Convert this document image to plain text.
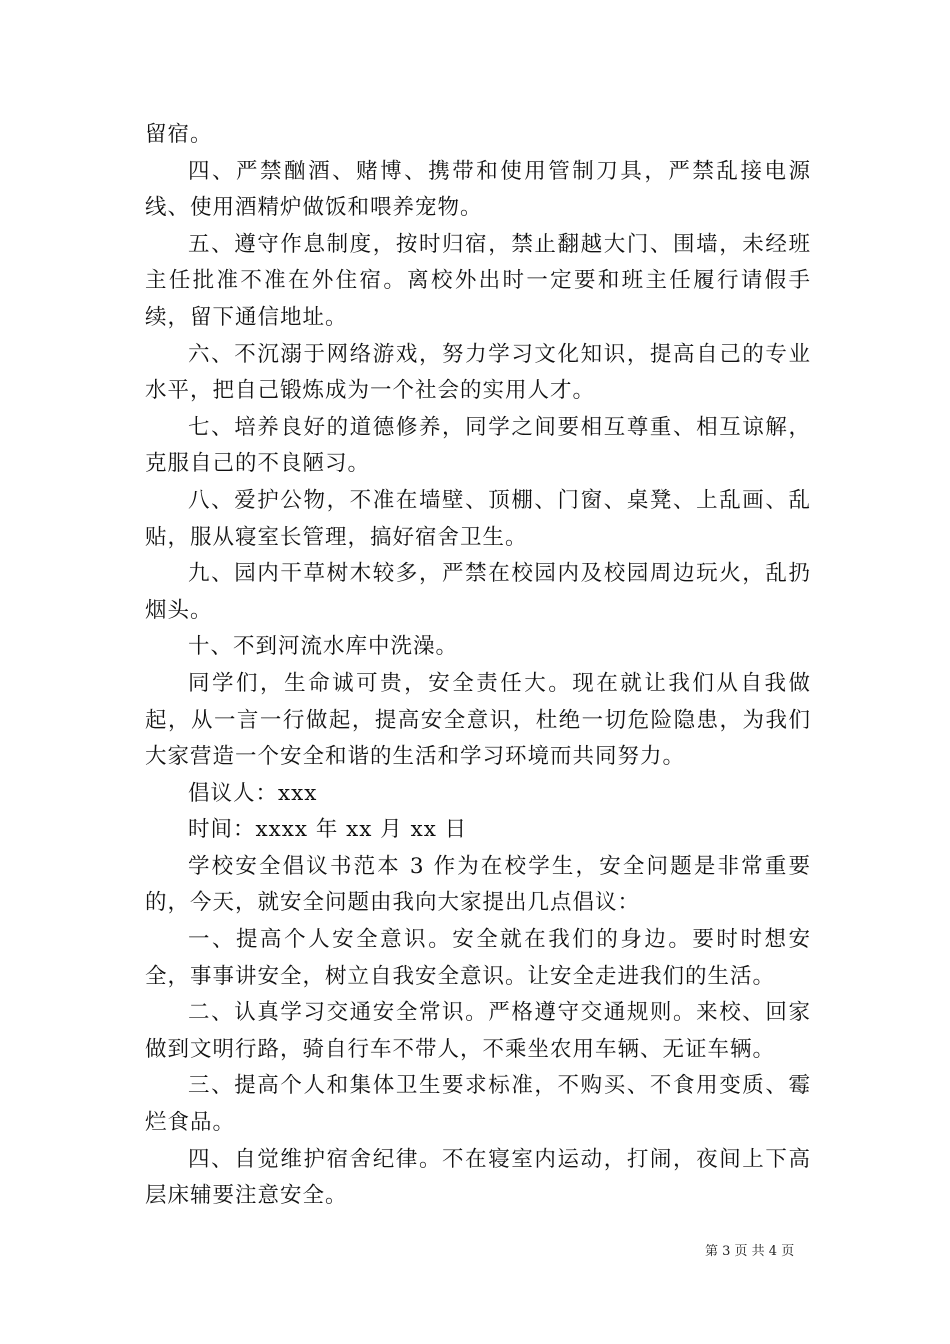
留宿。

四、严禁酗酒、赌博、携带和使用管制刀具，严禁乱接电源线、使用酒精炉做饭和喂养宠物。

五、遵守作息制度，按时归宿，禁止翻越大门、围墙，未经班主任批准不准在外住宿。离校外出时一定要和班主任履行请假手续，留下通信地址。

六、不沉溺于网络游戏，努力学习文化知识，提高自己的专业水平，把自己锻炼成为一个社会的实用人才。

七、培养良好的道德修养，同学之间要相互尊重、相互谅解，克服自己的不良陋习。

八、爱护公物，不准在墙壁、顶棚、门窗、桌凳、上乱画、乱贴，服从寝室长管理，搞好宿舍卫生。

九、园内干草树木较多，严禁在校园内及校园周边玩火，乱扔烟头。

十、不到河流水库中洗澡。

同学们，生命诚可贵，安全责任大。现在就让我们从自我做起，从一言一行做起，提高安全意识，杜绝一切危险隐患，为我们大家营造一个安全和谐的生活和学习环境而共同努力。

倡议人：xxx

时间：xxxx 年 xx 月 xx 日

学校安全倡议书范本 3 作为在校学生，安全问题是非常重要的，今天，就安全问题由我向大家提出几点倡议：

一、提高个人安全意识。安全就在我们的身边。要时时想安全，事事讲安全，树立自我安全意识。让安全走进我们的生活。

二、认真学习交通安全常识。严格遵守交通规则。来校、回家做到文明行路，骑自行车不带人，不乘坐农用车辆、无证车辆。

三、提高个人和集体卫生要求标准，不购买、不食用变质、霉烂食品。

四、自觉维护宿舍纪律。不在寝室内运动，打闹，夜间上下高层床辅要注意安全。

第 3 页 共 4 页
